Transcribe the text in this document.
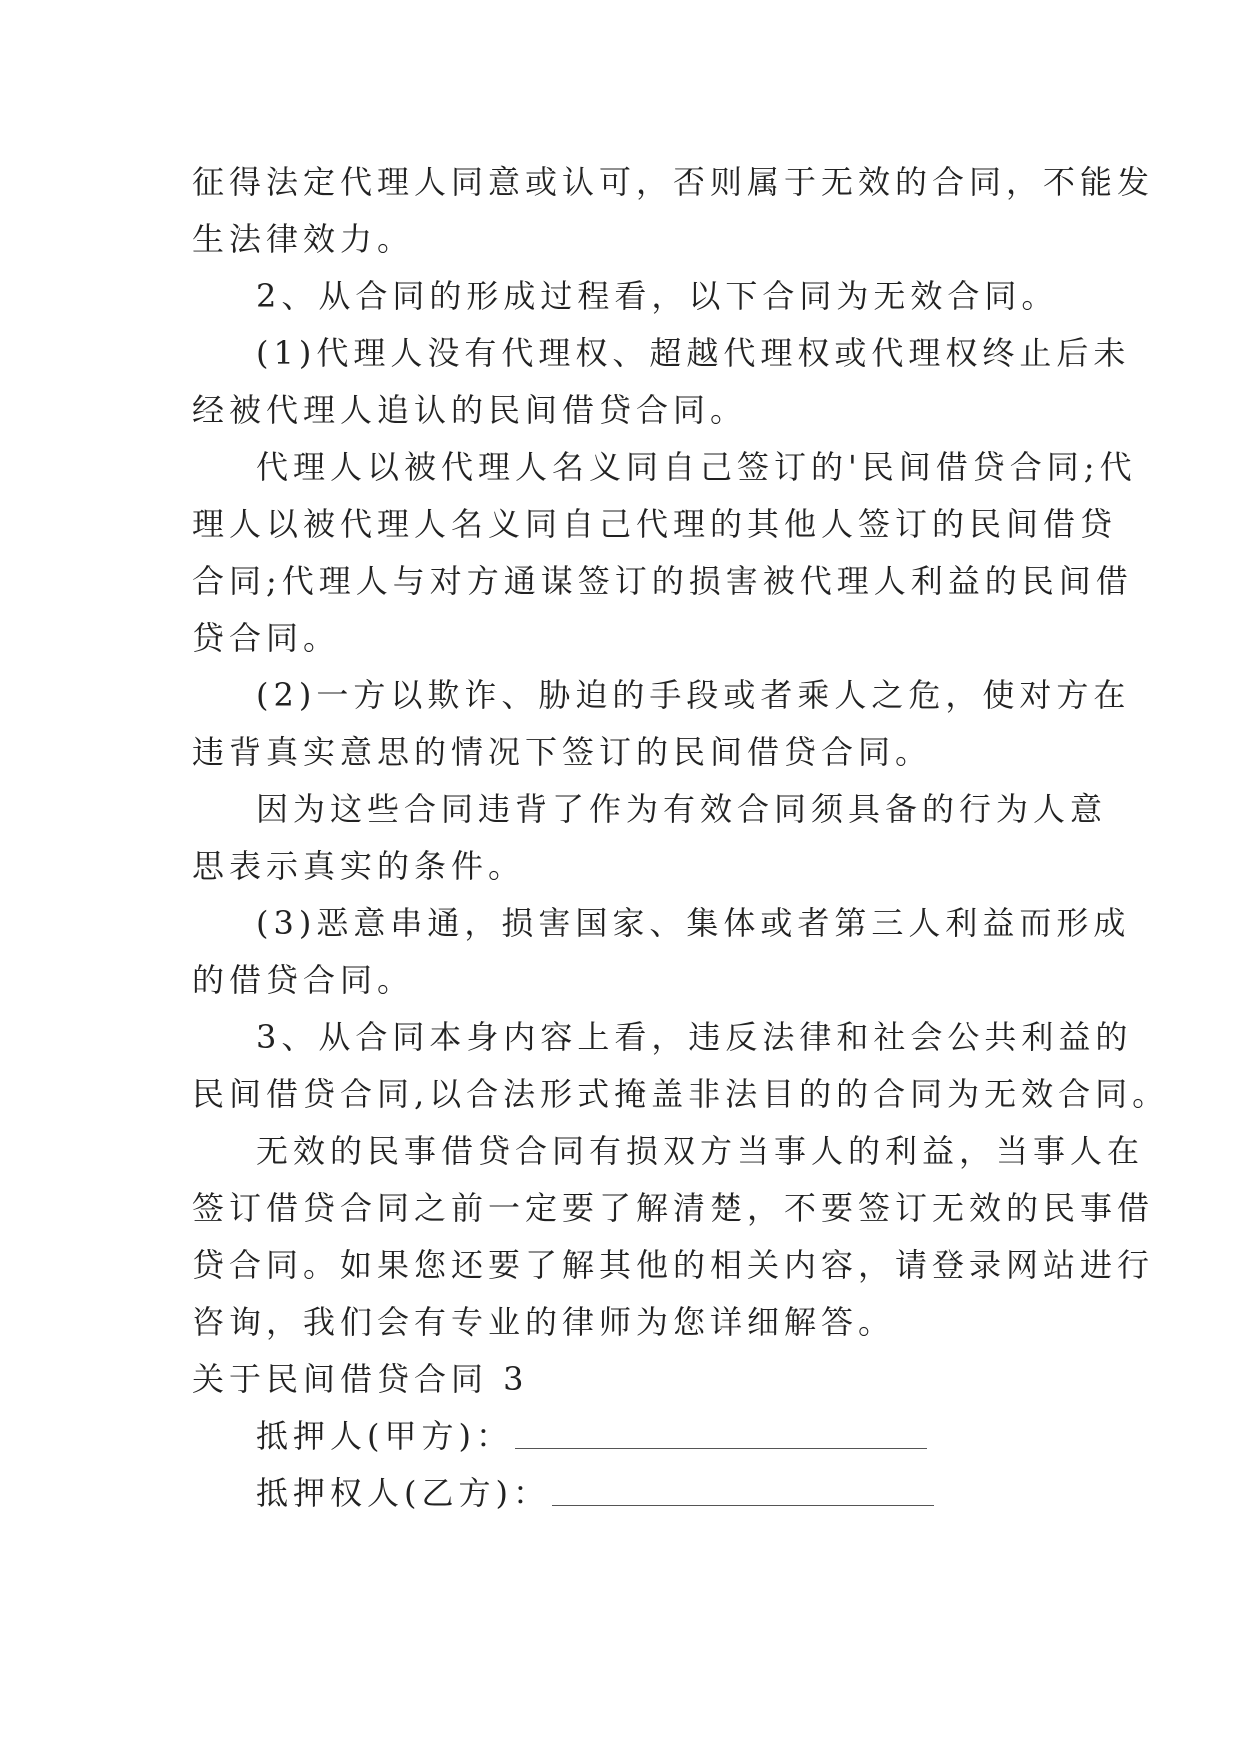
征得法定代理人同意或认可，否则属于无效的合同，不能发
生法律效力。
2、从合同的形成过程看，以下合同为无效合同。
(1)代理人没有代理权、超越代理权或代理权终止后未
经被代理人追认的民间借贷合同。
代理人以被代理人名义同自己签订的'民间借贷合同;代
理人以被代理人名义同自己代理的其他人签订的民间借贷
合同;代理人与对方通谋签订的损害被代理人利益的民间借
贷合同。
(2)一方以欺诈、胁迫的手段或者乘人之危，使对方在
违背真实意思的情况下签订的民间借贷合同。
因为这些合同违背了作为有效合同须具备的行为人意
思表示真实的条件。
(3)恶意串通，损害国家、集体或者第三人利益而形成
的借贷合同。
3、从合同本身内容上看，违反法律和社会公共利益的
民间借贷合同,以合法形式掩盖非法目的的合同为无效合同。
无效的民事借贷合同有损双方当事人的利益，当事人在
签订借贷合同之前一定要了解清楚，不要签订无效的民事借
贷合同。如果您还要了解其他的相关内容，请登录网站进行
咨询，我们会有专业的律师为您详细解答。
关于民间借贷合同 3
抵押人(甲方)：
抵押权人(乙方)：
